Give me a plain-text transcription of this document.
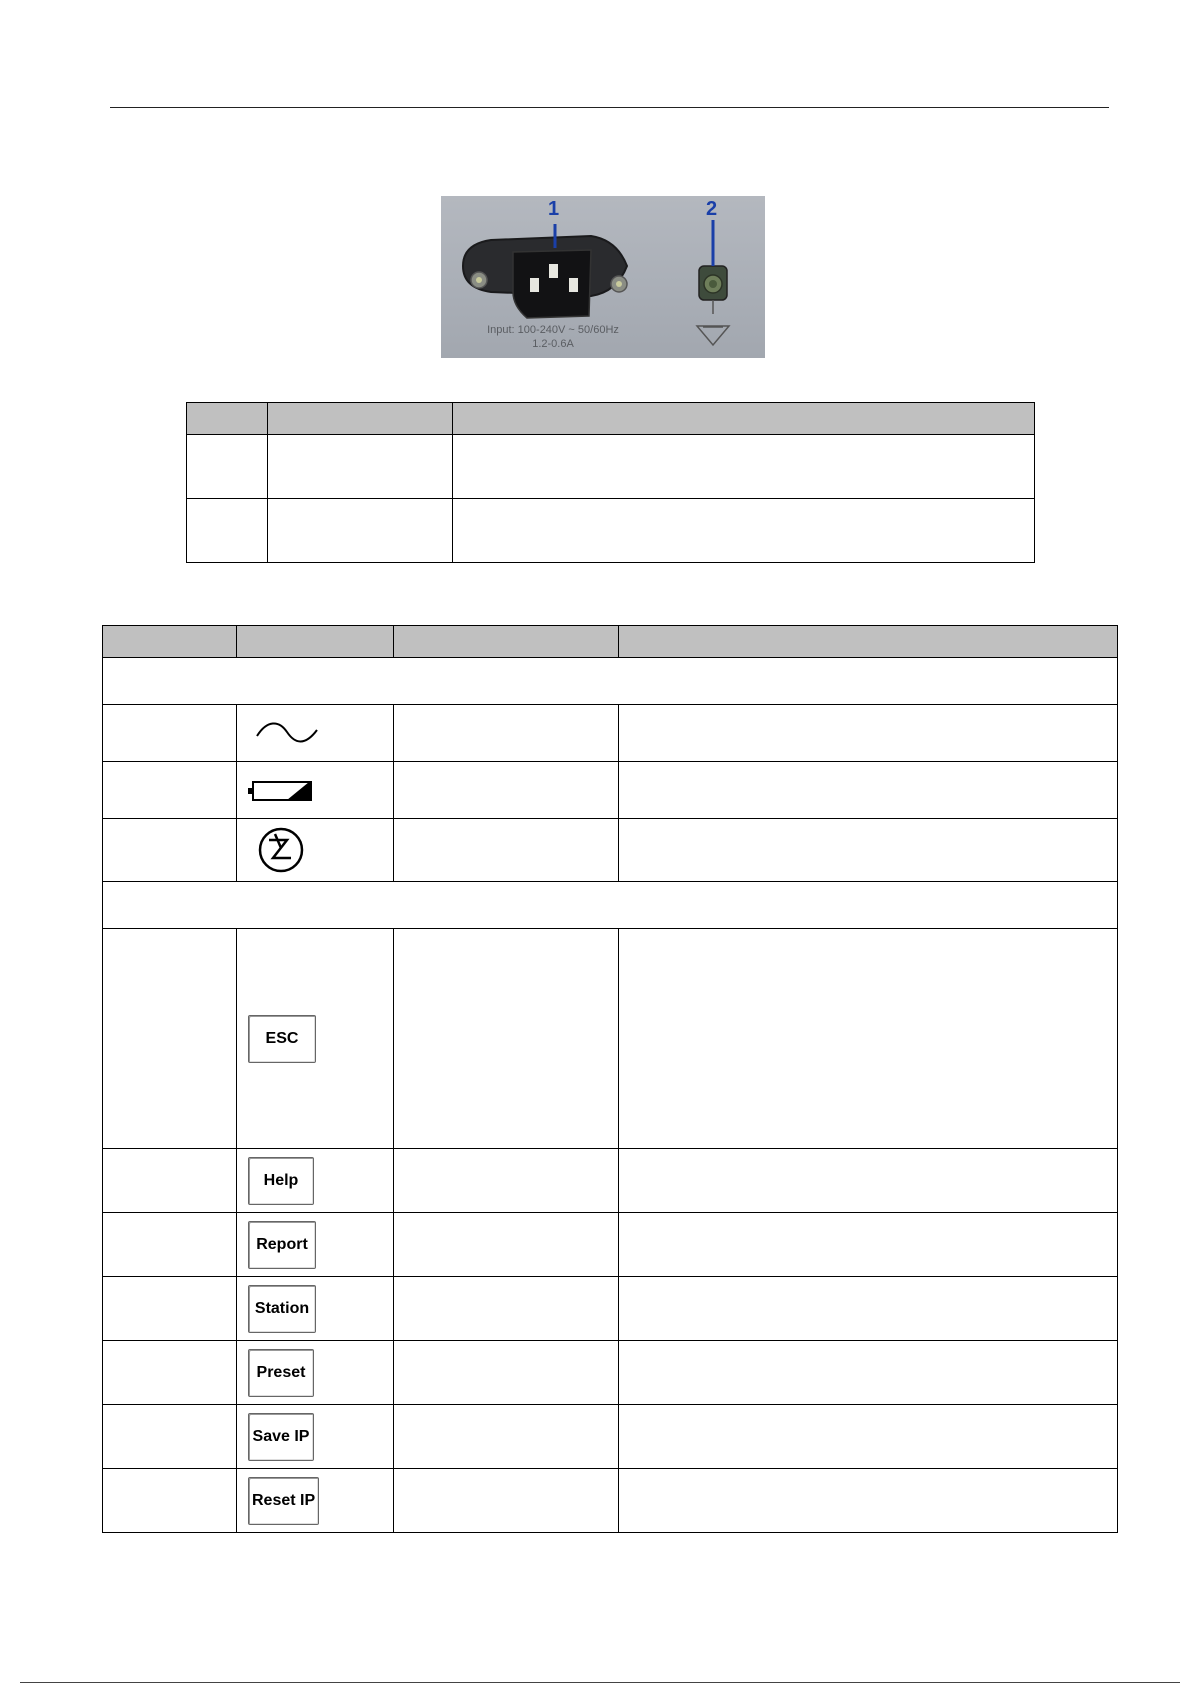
Input: 100-240V ~ 50/60Hz
1.2-0.6A
1	2

	ESC		
	Help		
	Report		
	Station		
	Preset		
	Save IP		
	Reset IP		
